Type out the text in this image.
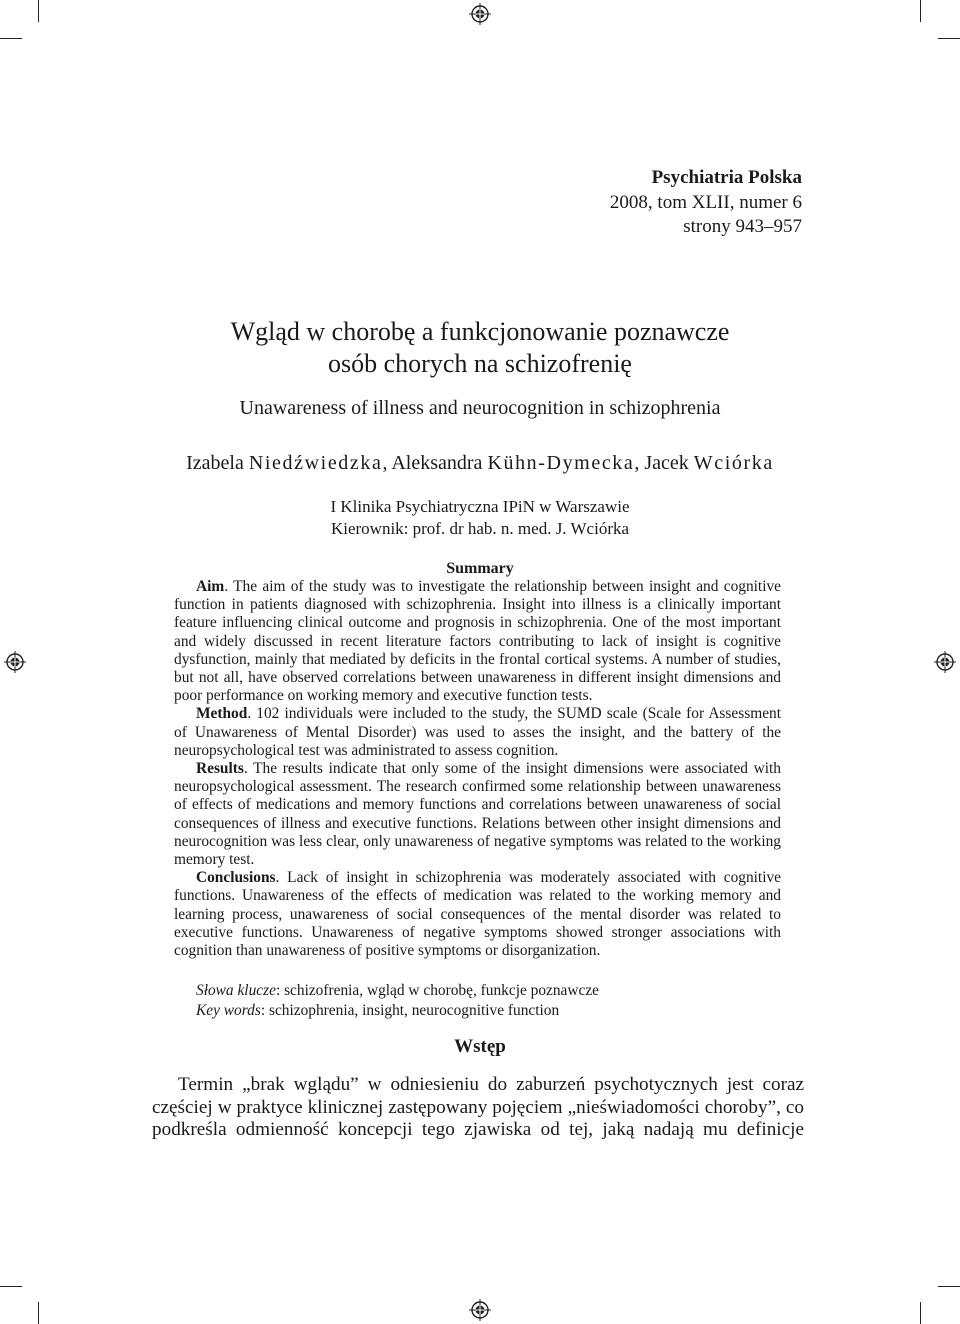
Psychiatria Polska
2008, tom XLII, numer 6
strony 943–957
Wgląd w chorobę a funkcjonowanie poznawcze
osób chorych na schizofrenię
Unawareness of illness and neurocognition in schizophrenia
Izabela Niedźwiedzka, Aleksandra Kühn-Dymecka, Jacek Wciórka
I Klinika Psychiatryczna IPiN w Warszawie
Kierownik: prof. dr hab. n. med. J. Wciórka
Summary

Aim. The aim of the study was to investigate the relationship between insight and cognitive function in patients diagnosed with schizophrenia. Insight into illness is a clinically important feature influencing clinical outcome and prognosis in schizophrenia. One of the most important and widely discussed in recent literature factors contributing to lack of insight is cognitive dysfunction, mainly that mediated by deficits in the frontal cortical systems. A number of studies, but not all, have observed correlations between unawareness in different insight dimensions and poor performance on working memory and executive function tests.

Method. 102 individuals were included to the study, the SUMD scale (Scale for Assessment of Unawareness of Mental Disorder) was used to asses the insight, and the battery of the neuropsychological test was administrated to assess cognition.

Results. The results indicate that only some of the insight dimensions were associated with neuropsychological assessment. The research confirmed some relationship between unawareness of effects of medications and memory functions and correlations between unawareness of social consequences of illness and executive functions. Relations between other insight dimensions and neurocognition was less clear, only unawareness of negative symptoms was related to the working memory test.

Conclusions. Lack of insight in schizophrenia was moderately associated with cognitive functions. Unawareness of the effects of medication was related to the working memory and learning process, unawareness of social consequences of the mental disorder was related to executive functions. Unawareness of negative symptoms showed stronger associations with cognition than unawareness of positive symptoms or disorganization.

Słowa kluczе: schizofrenia, wgląd w chorobę, funkcje poznawcze
Key words: schizophrenia, insight, neurocognitive function
Wstęp

Termin „brak wglądu” w odniesieniu do zaburzeń psychotycznych jest coraz częściej w praktyce klinicznej zastępowany pojęciem „nieświadomości choroby”, co podkreśla odmienność koncepcji tego zjawiska od tej, jaką nadają mu definicje
